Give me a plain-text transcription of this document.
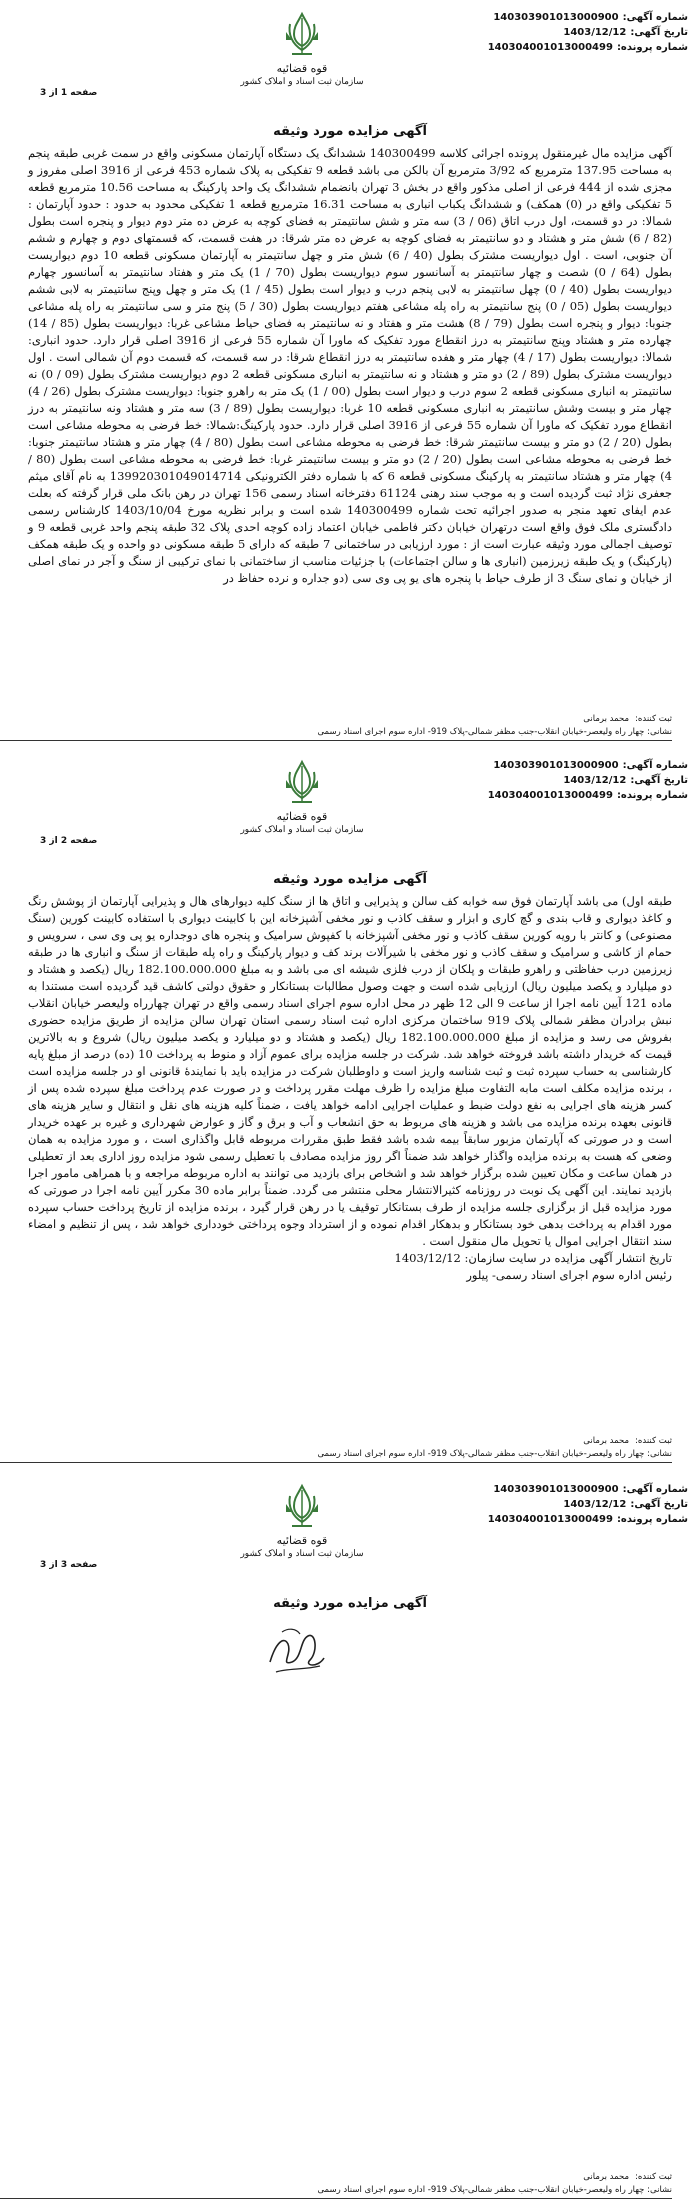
شماره آگهی:140303901013000900
تاریخ آگهی:1403/12/12
شماره پرونده:140304001013000499
قوه قضائیه
سازمان ثبت اسناد و املاک کشور
صفحه 1 از 3
آگهی مزایده مورد وثیقه

آگهی مزایده مال غیرمنقول پرونده اجرائی کلاسه 140300499 ششدانگ یک دستگاه آپارتمان مسکونی واقع در سمت غربی طبقه پنجم به مساحت 137.95 مترمربع که 3/92 مترمربع آن بالکن می باشد قطعه 9 تفکیکی به پلاک شماره 453 فرعی از 3916 اصلی مفروز و مجزی شده از 444 فرعی از اصلی مذکور واقع در بخش 3 تهران بانضمام ششدانگ یک واحد پارکینگ به مساحت 10.56 مترمربع قطعه 5 تفکیکی واقع در (0) همکف) و ششدانگ یکباب انباری به مساحت 16.31 مترمربع قطعه 1 تفکیکی محدود به حدود : حدود آپارتمان : شمالا: در دو قسمت، اول درب اتاق (06 / 3) سه متر و شش سانتیمتر به فضای کوچه به عرض ده متر دوم دیوار و پنجره است بطول (82 / 6) شش متر و هشتاد و دو سانتیمتر به فضای کوچه به عرض ده متر شرقا: در هفت قسمت، که قسمتهای دوم و چهارم و ششم آن جنوبی، است . اول دیواریست مشترک بطول (40 / 6) شش متر و چهل سانتیمتر به آپارتمان مسکونی قطعه 10 دوم دیواریست بطول (64 / 0) شصت و چهار سانتیمتر به آسانسور سوم دیواریست بطول (70 / 1) یک متر و هفتاد سانتیمتر به آسانسور چهارم دیواریست بطول (40 / 0) چهل سانتیمتر به لابی پنجم درب و دیوار است بطول (45 / 1) یک متر و چهل وپنج سانتیمتر به لابی ششم دیواریست بطول (05 / 0) پنج سانتیمتر به راه پله مشاعی هفتم دیواریست بطول (30 / 5) پنج متر و سی سانتیمتر به راه پله مشاعی جنوبا: دیوار و پنجره است بطول (79 / 8) هشت متر و هفتاد و نه سانتیمتر به فضای حیاط مشاعی غربا: دیواریست بطول (85 / 14) چهارده متر و هشتاد وپنج سانتیمتر به درز انقطاع مورد تفکیک که ماورا آن شماره 55 فرعی از 3916 اصلی قرار دارد. حدود انباری: شمالا: دیواریست بطول (17 / 4) چهار متر و هفده سانتیمتر به درز انقطاع شرقا: در سه قسمت، که قسمت دوم آن شمالی است . اول دیواریست مشترک بطول (89 / 2) دو متر و هشتاد و نه سانتیمتر به انباری مسکونی قطعه 2 دوم دیواریست مشترک بطول (09 / 0) نه سانتیمتر به انباری مسکونی قطعه 2 سوم درب و دیوار است بطول (00 / 1) یک متر به راهرو جنوبا: دیواریست مشترک بطول (26 / 4) چهار متر و بیست وشش سانتیمتر به انباری مسکونی قطعه 10 غربا: دیواریست بطول (89 / 3) سه متر و هشتاد ونه سانتیمتر به درز انقطاع مورد تفکیک که ماورا آن شماره 55 فرعی از 3916 اصلی قرار دارد. حدود پارکینگ:شمالا: خط فرضی به محوطه مشاعی است بطول (20 / 2) دو متر و بیست سانتیمتر شرقا: خط فرضی به محوطه مشاعی است بطول (80 / 4) چهار متر و هشتاد سانتیمتر جنوبا: خط فرضی به محوطه مشاعی است بطول (20 / 2) دو متر و بیست سانتیمتر غربا: خط فرضی به محوطه مشاعی است بطول (80 / 4) چهار متر و هشتاد سانتیمتر به پارکینگ مسکونی قطعه 6 که با شماره دفتر الکترونیکی 139920301049014714 به نام آقای میثم جعفری نژاد ثبت گردیده است و به موجب سند رهنی 61124 دفترخانه اسناد رسمی 156 تهران در رهن بانک ملی قرار گرفته که بعلت عدم ایفای تعهد منجر به صدور اجرائیه تحت شماره 140300499 شده است و برابر نظریه مورخ 1403/10/04 کارشناس رسمی دادگستری ملک فوق واقع است درتهران خیابان دکتر فاطمی خیابان اعتماد زاده کوچه احدی پلاک 32 طبقه پنجم واحد غربی قطعه 9 و توصیف اجمالی مورد وثیقه عبارت است از : مورد ارزیابی در ساختمانی 7 طبقه که دارای 5 طبقه مسکونی دو واحده و یک طبقه همکف (پارکینگ) و یک طبقه زیرزمین (انباری ها و سالن اجتماعات) با جزئیات مناسب از ساختمانی با نمای ترکیبی از سنگ و آجر در نمای اصلی از خیابان و نمای سنگ 3 از طرف حیاط با پنجره های یو پی وی سی (دو جداره و نرده حفاظ در

ثبت کننده:محمد برمانی
نشانی: چهار راه ولیعصر-خیابان انقلاب-جنب مظفر شمالی-پلاک 919- اداره سوم اجرای اسناد رسمی
شماره آگهی:140303901013000900
تاریخ آگهی:1403/12/12
شماره پرونده:140304001013000499
قوه قضائیه
سازمان ثبت اسناد و املاک کشور
صفحه 2 از 3
آگهی مزایده مورد وثیقه

طبقه اول) می باشد آپارتمان فوق سه خوابه کف سالن و پذیرایی و اتاق ها از سنگ کلیه دیوارهای هال و پذیرایی آپارتمان از پوشش رنگ و کاغذ دیواری و قاب بندی و گچ کاری و ابزار و سقف کاذب و نور مخفی آشپزخانه این با کابینت دیواری با استفاده کابینت کورین (سنگ مصنوعی) و کانتر با رویه کورین سقف کاذب و نور مخفی آشپزخانه با کفپوش سرامیک و پنجره های دوجداره یو پی وی سی ، سرویس و حمام از کاشی و سرامیک و سقف کاذب و نور مخفی با شیرآلات برند کف و دیوار پارکینگ و راه پله طبقات از سنگ و انباری ها در طبقه زیرزمین درب حفاظتی و راهرو طبقات و پلکان از درب فلزی شیشه ای می باشد و به مبلغ 182.100.000.000 ریال (یکصد و هشتاد و دو میلیارد و یکصد میلیون ریال) ارزیابی شده است و جهت وصول مطالبات بستانکار و حقوق دولتی کاشف قید گردیده است مستندا به ماده 121 آیین نامه اجرا از ساعت 9 الی 12 ظهر در محل اداره سوم اجرای اسناد رسمی واقع در تهران چهارراه ولیعصر خیابان انقلاب نبش برادران مظفر شمالی پلاک 919 ساختمان مرکزی اداره ثبت اسناد رسمی استان تهران سالن مزایده از طریق مزایده حضوری بفروش می رسد و مزایده از مبلغ 182.100.000.000 ریال (یکصد و هشتاد و دو میلیارد و یکصد میلیون ریال) شروع و به بالاترین قیمت که خریدار داشته باشد فروخته خواهد شد. شرکت در جلسه مزایده برای عموم آزاد و منوط به پرداخت 10 (ده) درصد از مبلغ پایه کارشناسی به حساب سپرده ثبت و ثبت شناسه واریز است و داوطلبان شرکت در مزایده باید با نمایندۀ قانونی او در جلسه مزایده است ، برنده مزایده مکلف است مابه التفاوت مبلغ مزایده را ظرف مهلت مقرر پرداخت و در صورت عدم پرداخت مبلغ سپرده شده پس از کسر هزینه های اجرایی به نفع دولت ضبط و عملیات اجرایی ادامه خواهد یافت ، ضمناً کلیه هزینه های نقل و انتقال و سایر هزینه های قانونی بعهده برنده مزایده می باشد و هزینه های مربوط به حق انشعاب و آب و برق و گاز و عوارض شهرداری و غیره بر عهده خریدار است و در صورتی که آپارتمان مزبور سابقاً بیمه شده باشد فقط طبق مقررات مربوطه قابل واگذاری است ، و مورد مزایده به همان وضعی که هست به برنده مزایده واگذار خواهد شد ضمناً اگر روز مزایده مصادف با تعطیل رسمی شود مزایده روز اداری بعد از تعطیلی در همان ساعت و مکان تعیین شده برگزار خواهد شد و اشخاص برای بازدید می توانند به اداره مربوطه مراجعه و با همراهی مامور اجرا بازدید نمایند. این آگهی یک نوبت در روزنامه کثیرالانتشار محلی منتشر می گردد. ضمناً برابر ماده 30 مکرر آیین نامه اجرا در صورتی که مورد مزایده قبل از برگزاری جلسه مزایده از طرف بستانکار توقیف یا در رهن قرار گیرد ، برنده مزایده از تاریخ پرداخت حساب سپرده مورد اقدام به پرداخت بدهی خود بستانکار و بدهکار اقدام نموده و از استرداد وجوه پرداختی خودداری خواهد شد ، پس از تنظیم و امضاء سند انتقال اجرایی اموال یا تحویل مال منقول است .

تاریخ انتشار آگهی مزایده در سایت سازمان: 1403/12/12

رئیس اداره سوم اجرای اسناد رسمی- پیلور

ثبت کننده:محمد برمانی
نشانی: چهار راه ولیعصر-خیابان انقلاب-جنب مظفر شمالی-پلاک 919- اداره سوم اجرای اسناد رسمی
شماره آگهی:140303901013000900
تاریخ آگهی:1403/12/12
شماره پرونده:140304001013000499
قوه قضائیه
سازمان ثبت اسناد و املاک کشور
صفحه 3 از 3
آگهی مزایده مورد وثیقه
ثبت کننده:محمد برمانی
نشانی: چهار راه ولیعصر-خیابان انقلاب-جنب مظفر شمالی-پلاک 919- اداره سوم اجرای اسناد رسمی
